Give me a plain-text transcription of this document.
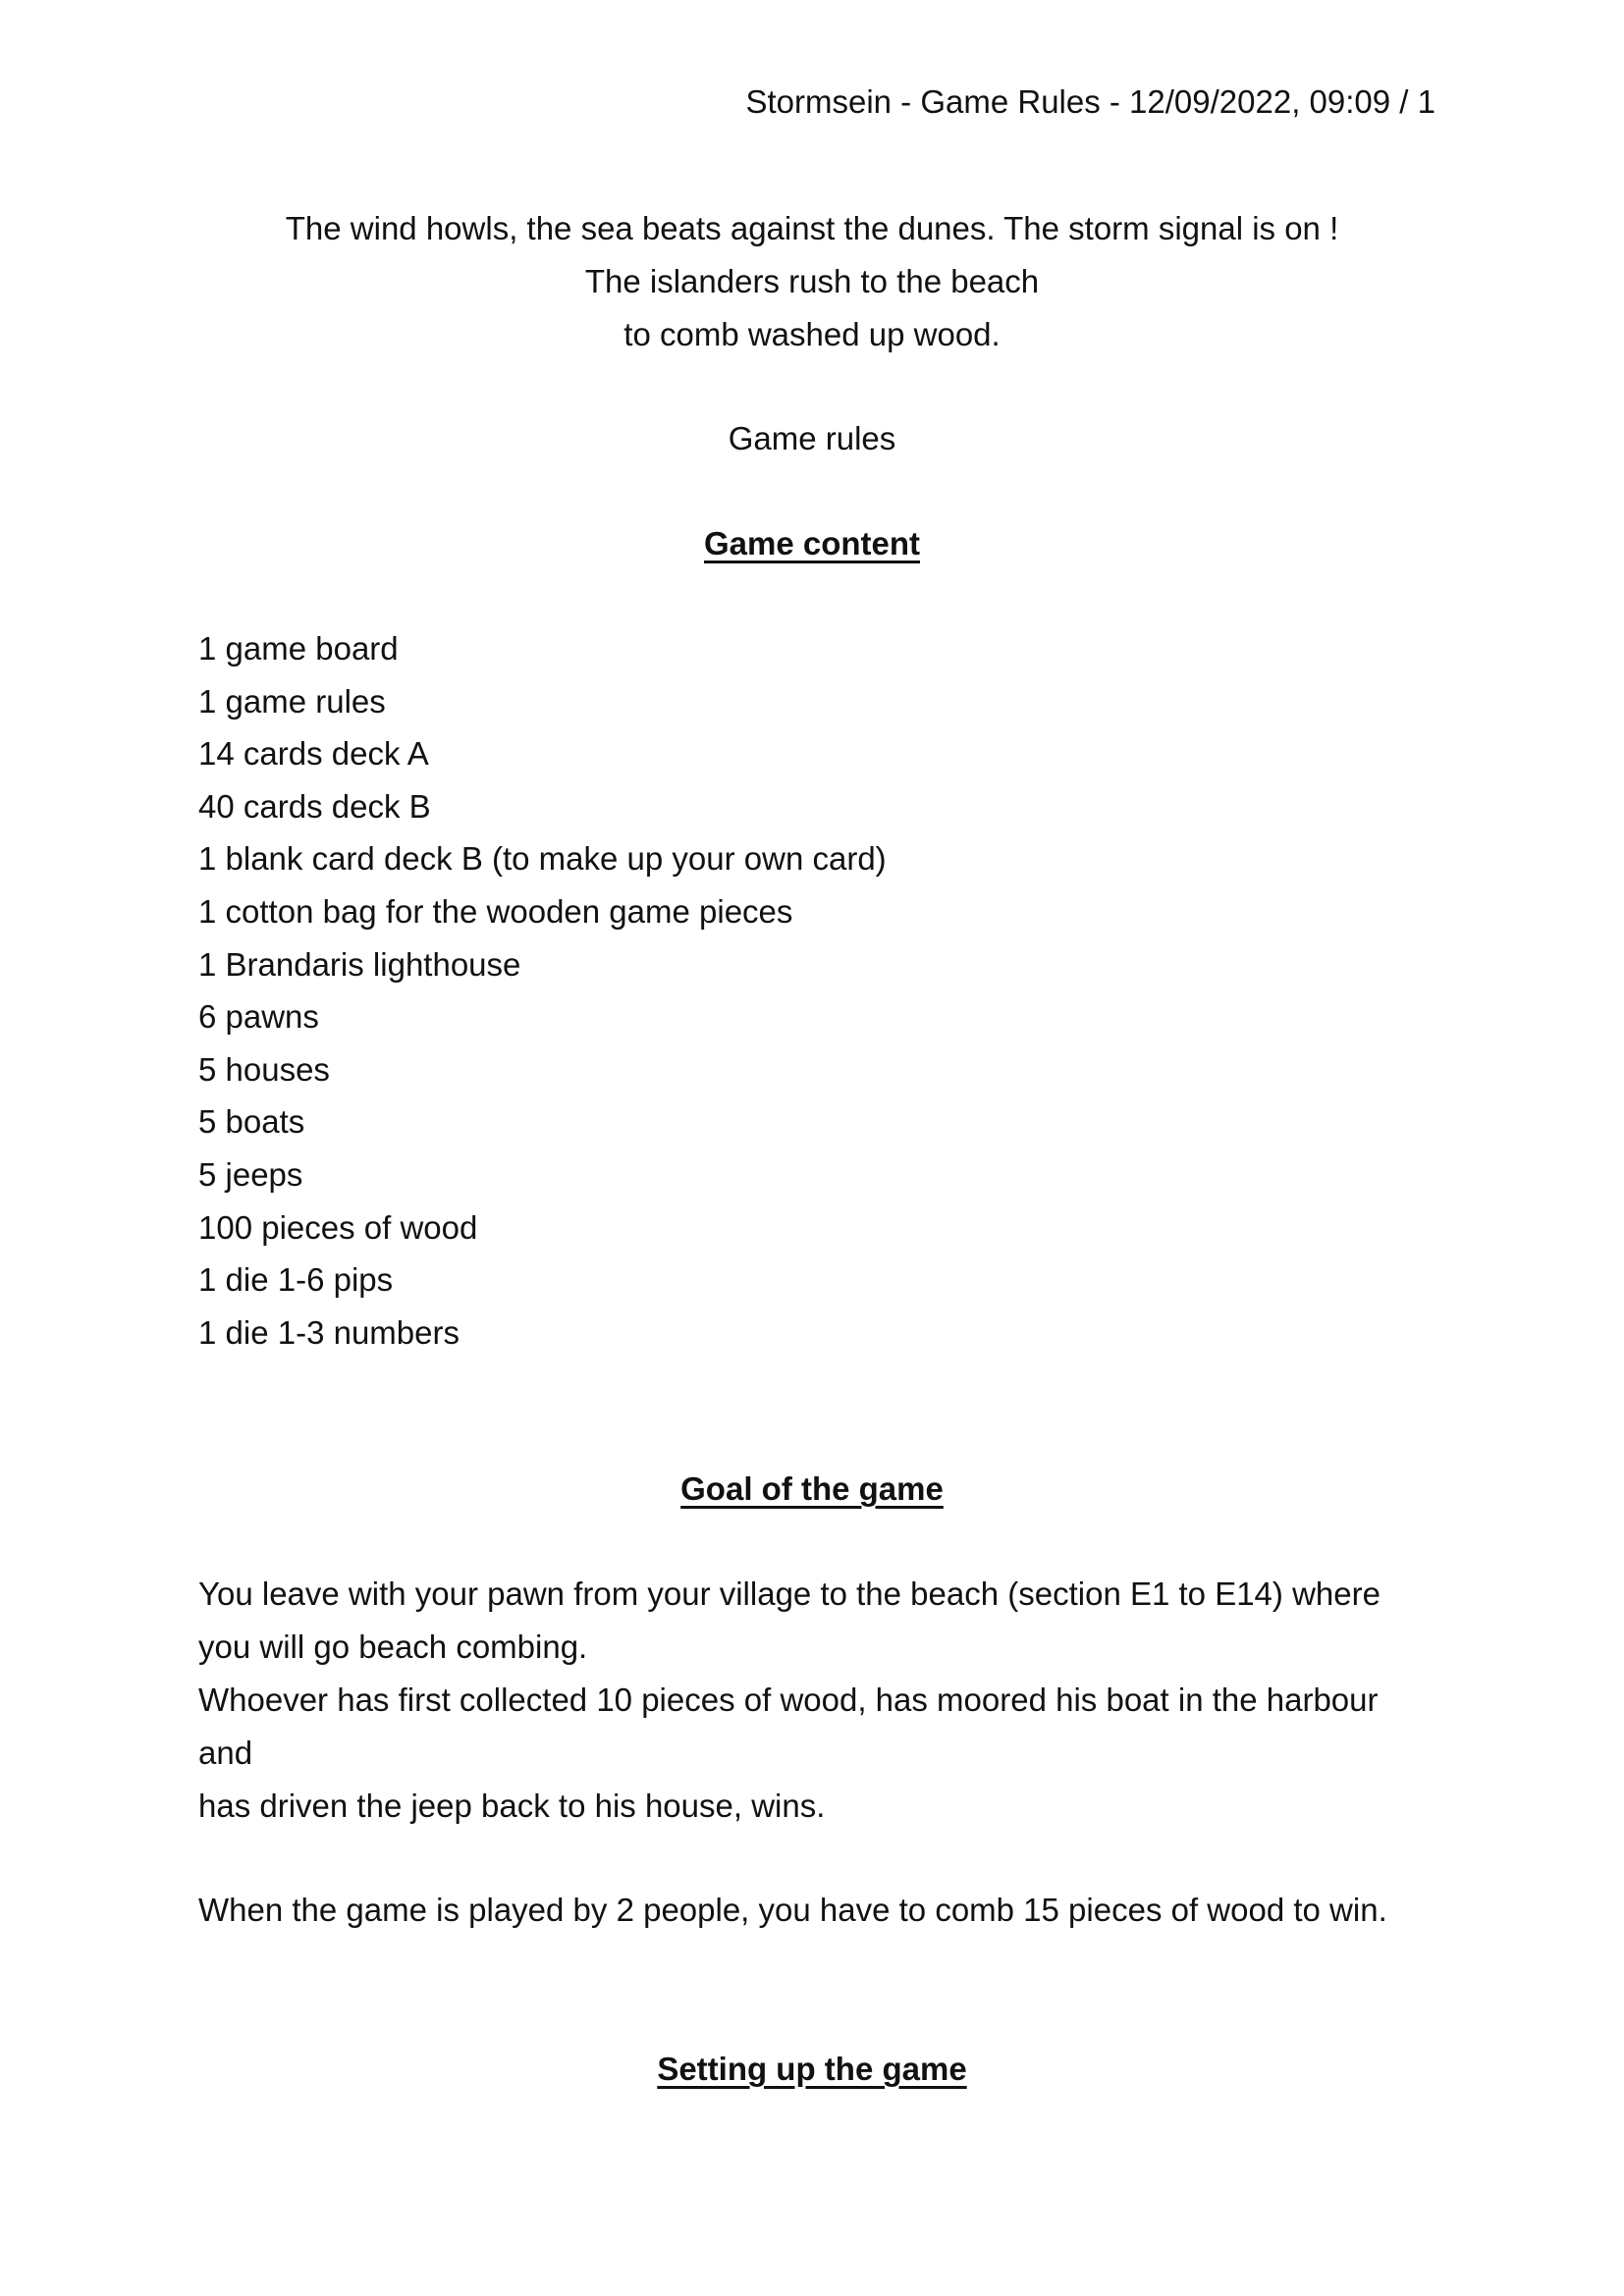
Stormsein - Game Rules - 12/09/2022, 09:09 / 1
The wind howls, the sea beats against the dunes. The storm signal is on !
The islanders rush to the beach
to comb washed up wood.
Game rules
Game content
1 game board
1 game rules
14 cards deck A
40 cards deck B
1 blank card deck B (to make up your own card)
1 cotton bag for the wooden game pieces
1 Brandaris lighthouse
6 pawns
5 houses
5 boats
5 jeeps
100 pieces of wood
1 die 1-6 pips
1 die 1-3 numbers
Goal of the game
You leave with your pawn from your village to the beach (section E1 to E14) where
you will go beach combing.
Whoever has first collected 10 pieces of wood, has moored his boat in the harbour
and
has driven the jeep back to his house, wins.
When the game is played by 2 people, you have to comb 15 pieces of wood to win.
Setting up the game
